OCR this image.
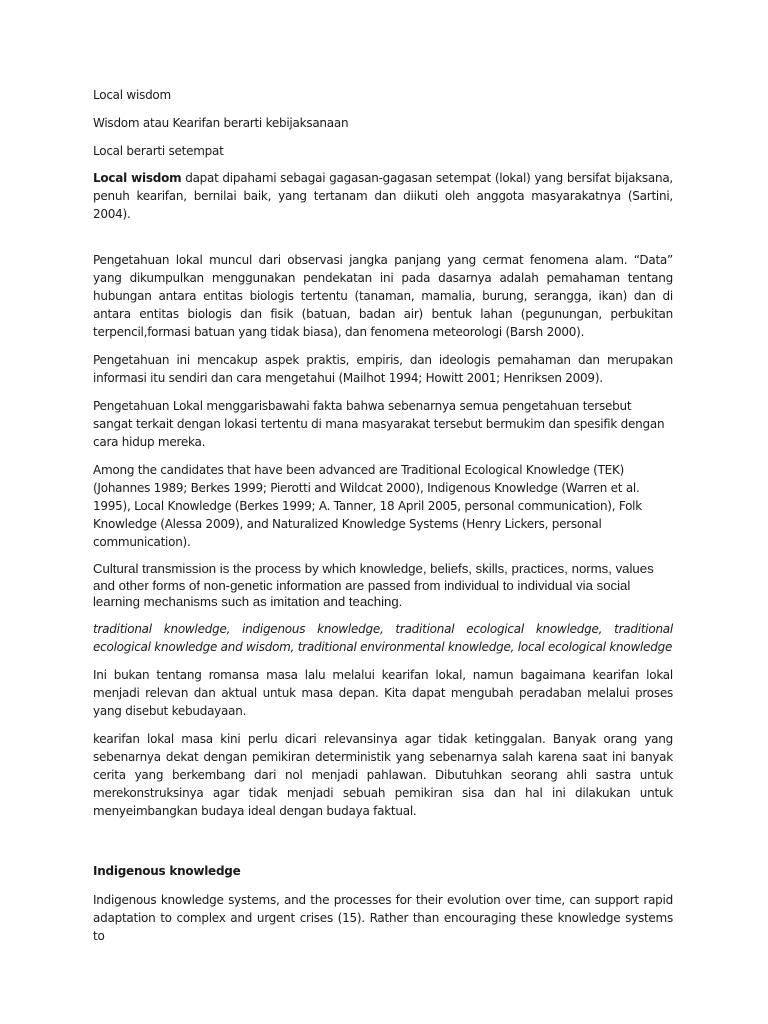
Local wisdom

Wisdom atau Kearifan berarti kebijaksanaan

Local berarti setempat

Local wisdom dapat dipahami sebagai gagasan-gagasan setempat (lokal) yang bersifat bijaksana, penuh kearifan, bernilai baik, yang tertanam dan diikuti oleh anggota masyarakatnya (Sartini, 2004).

Pengetahuan lokal muncul dari observasi jangka panjang yang cermat fenomena alam. “Data” yang dikumpulkan menggunakan pendekatan ini pada dasarnya adalah pemahaman tentang hubungan antara entitas biologis tertentu (tanaman, mamalia, burung, serangga, ikan) dan di antara entitas biologis dan fisik (batuan, badan air) bentuk lahan (pegunungan, perbukitan terpencil,formasi batuan yang tidak biasa), dan fenomena meteorologi (Barsh 2000).

Pengetahuan ini mencakup aspek praktis, empiris, dan ideologis pemahaman dan merupakan informasi itu sendiri dan cara mengetahui (Mailhot 1994; Howitt 2001; Henriksen 2009).

Pengetahuan Lokal menggarisbawahi fakta bahwa sebenarnya semua pengetahuan tersebut sangat terkait dengan lokasi tertentu di mana masyarakat tersebut bermukim dan spesifik dengan cara hidup mereka.

Among the candidates that have been advanced are Traditional Ecological Knowledge (TEK) (Johannes 1989; Berkes 1999; Pierotti and Wildcat 2000), Indigenous Knowledge (Warren et al. 1995), Local Knowledge (Berkes 1999; A. Tanner, 18 April 2005, personal communication), Folk Knowledge (Alessa 2009), and Naturalized Knowledge Systems (Henry Lickers, personal communication).

Cultural transmission is the process by which knowledge, beliefs, skills, practices, norms, values and other forms of non-genetic information are passed from individual to individual via social learning mechanisms such as imitation and teaching.

traditional knowledge, indigenous knowledge, traditional ecological knowledge, traditional ecological knowledge and wisdom, traditional environmental knowledge, local ecological knowledge

Ini bukan tentang romansa masa lalu melalui kearifan lokal, namun bagaimana kearifan lokal menjadi relevan dan aktual untuk masa depan. Kita dapat mengubah peradaban melalui proses yang disebut kebudayaan.

kearifan lokal masa kini perlu dicari relevansinya agar tidak ketinggalan. Banyak orang yang sebenarnya dekat dengan pemikiran deterministik yang sebenarnya salah karena saat ini banyak cerita yang berkembang dari nol menjadi pahlawan. Dibutuhkan seorang ahli sastra untuk merekonstruksinya agar tidak menjadi sebuah pemikiran sisa dan hal ini dilakukan untuk menyeimbangkan budaya ideal dengan budaya faktual.

Indigenous knowledge

Indigenous knowledge systems, and the processes for their evolution over time, can support rapid adaptation to complex and urgent crises (15). Rather than encouraging these knowledge systems to
